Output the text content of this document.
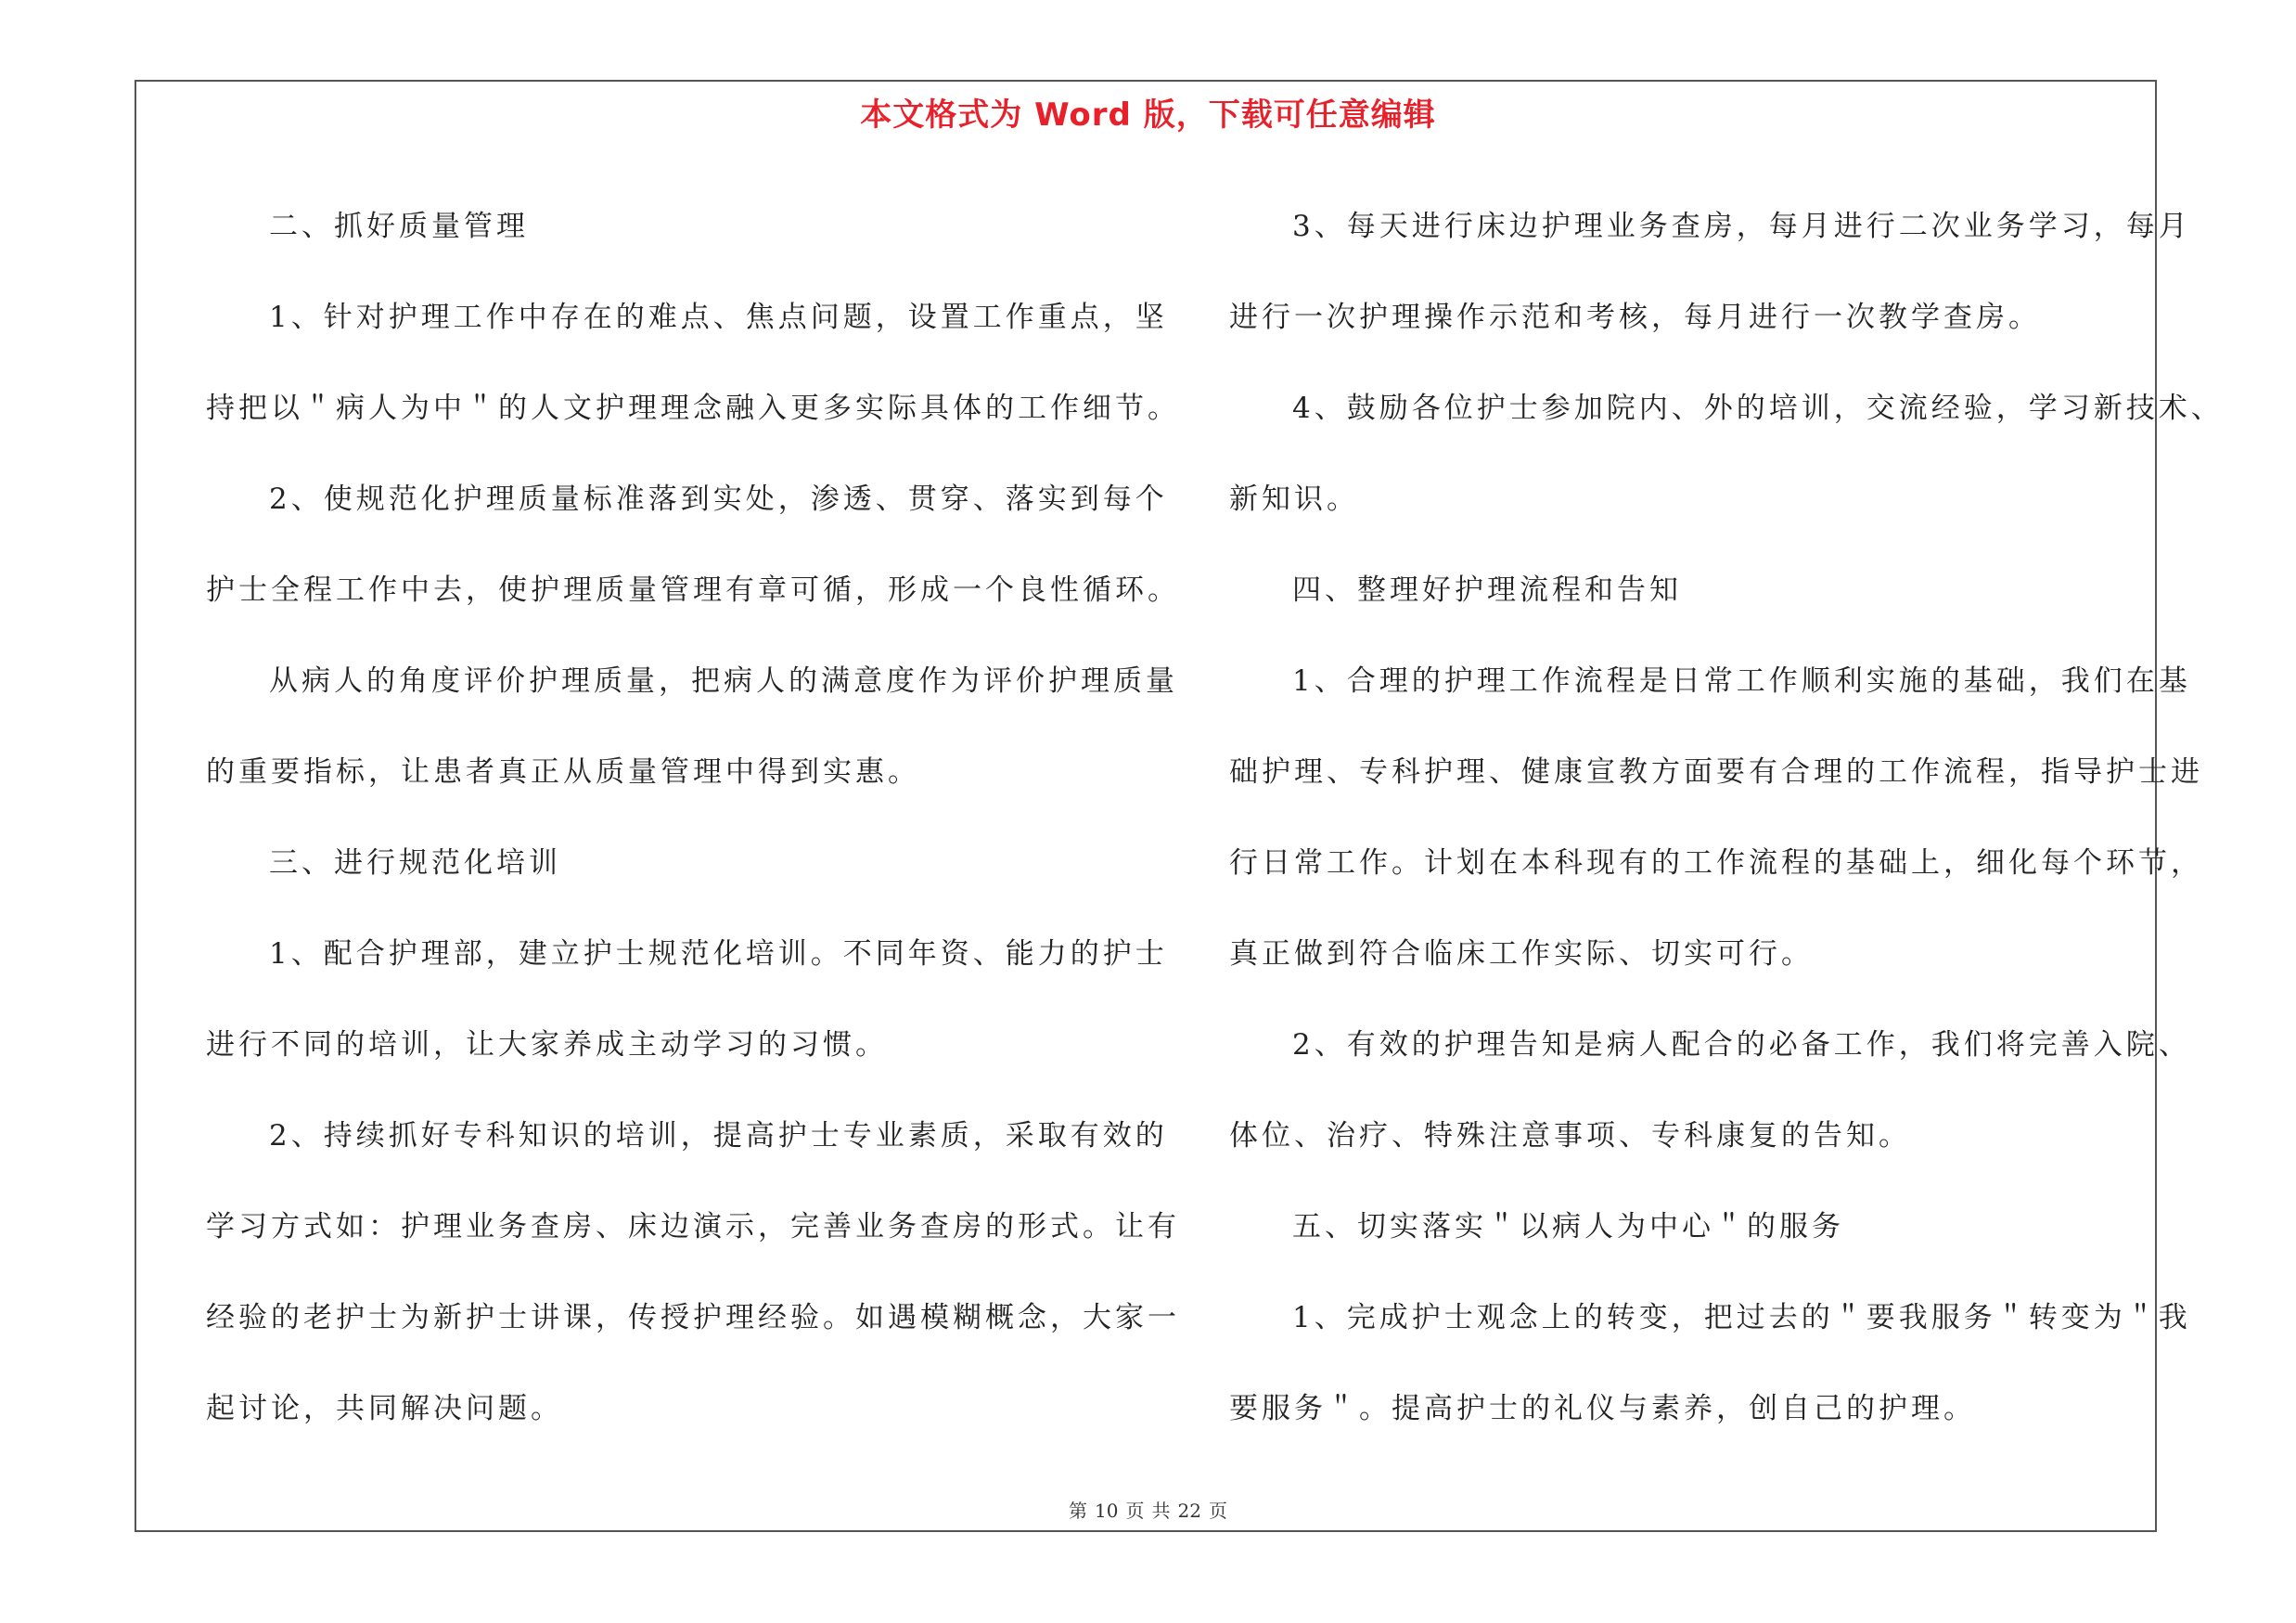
本文格式为 Word 版，下载可任意编辑

二、抓好质量管理

1、针对护理工作中存在的难点、焦点问题，设置工作重点，坚

持把以＂病人为中＂的人文护理理念融入更多实际具体的工作细节。

2、使规范化护理质量标准落到实处，渗透、贯穿、落实到每个

护士全程工作中去，使护理质量管理有章可循，形成一个良性循环。

从病人的角度评价护理质量，把病人的满意度作为评价护理质量

的重要指标，让患者真正从质量管理中得到实惠。

三、进行规范化培训

1、配合护理部，建立护士规范化培训。不同年资、能力的护士

进行不同的培训，让大家养成主动学习的习惯。

2、持续抓好专科知识的培训，提高护士专业素质，采取有效的

学习方式如：护理业务查房、床边演示，完善业务查房的形式。让有

经验的老护士为新护士讲课，传授护理经验。如遇模糊概念，大家一

起讨论，共同解决问题。

3、每天进行床边护理业务查房，每月进行二次业务学习，每月

进行一次护理操作示范和考核，每月进行一次教学查房。

4、鼓励各位护士参加院内、外的培训，交流经验，学习新技术、

新知识。

四、整理好护理流程和告知

1、合理的护理工作流程是日常工作顺利实施的基础，我们在基

础护理、专科护理、健康宣教方面要有合理的工作流程，指导护士进

行日常工作。计划在本科现有的工作流程的基础上，细化每个环节，

真正做到符合临床工作实际、切实可行。

2、有效的护理告知是病人配合的必备工作，我们将完善入院、

体位、治疗、特殊注意事项、专科康复的告知。

五、切实落实＂以病人为中心＂的服务

1、完成护士观念上的转变，把过去的＂要我服务＂转变为＂我

要服务＂。提高护士的礼仪与素养，创自己的护理。

第 10 页 共 22 页
